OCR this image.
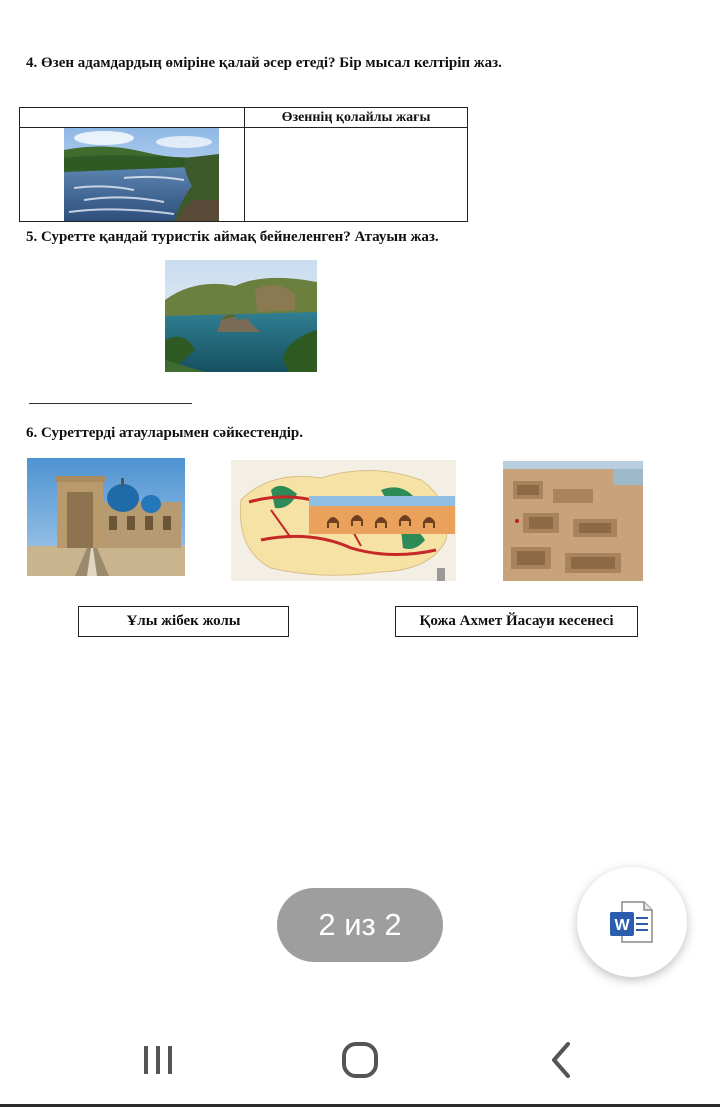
4. Өзен адамдардың өміріне қалай әсер етеді? Бір мысал келтіріп жаз.
Өзеннің қолайлы жағы
5. Суретте қандай туристік аймақ бейнеленген? Атауын жаз.
6. Суреттерді атауларымен сәйкестендір.
Ұлы жібек жолы	Қожа Ахмет Йасауи кесенесі
2 из 2	W
